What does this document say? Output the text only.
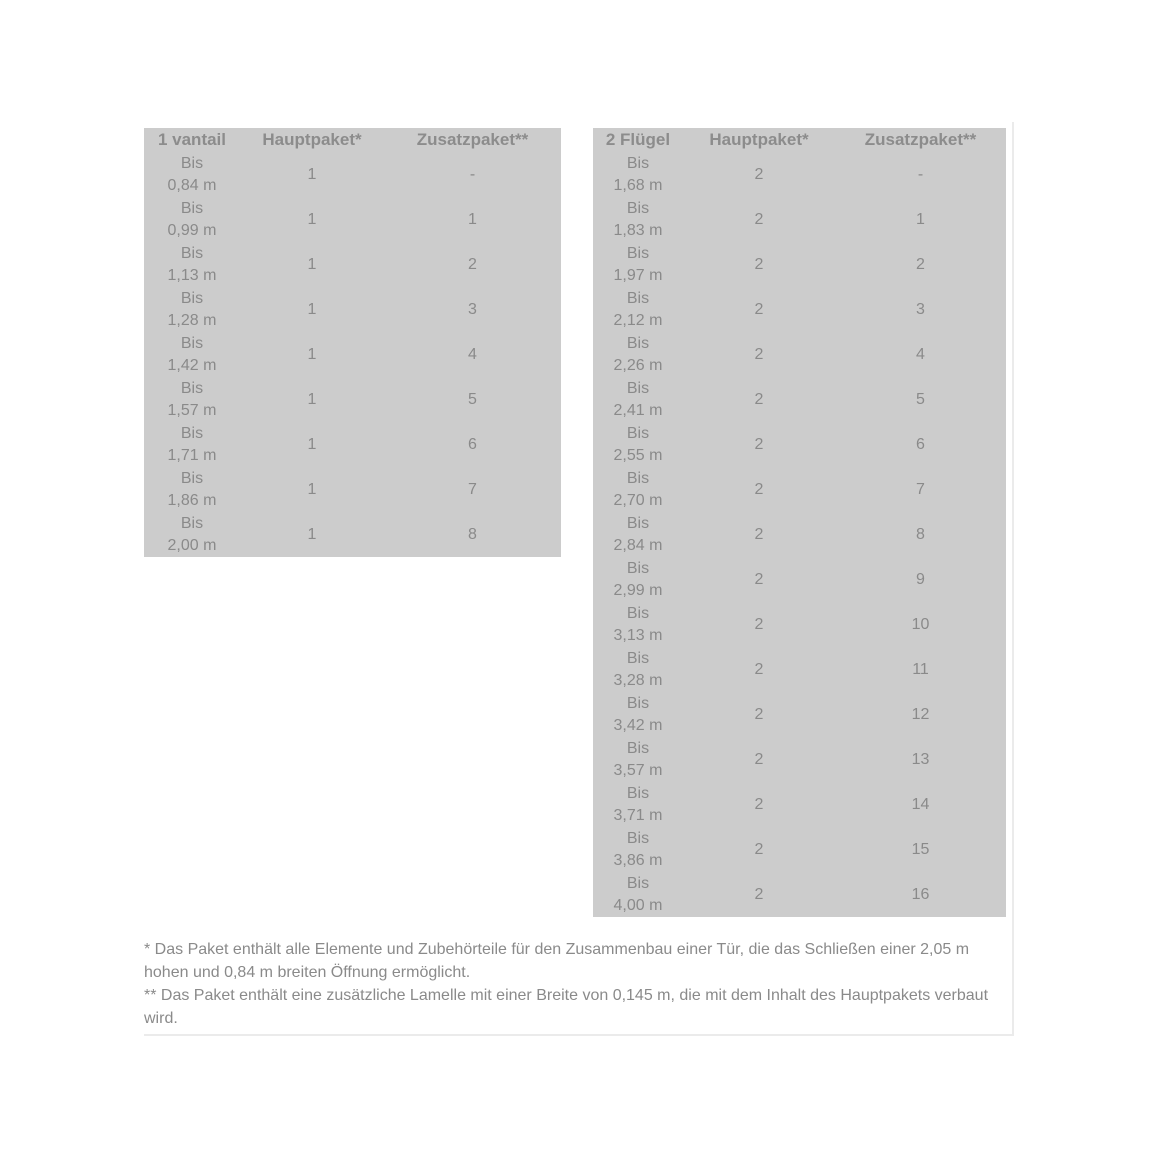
1 vantail	Hauptpaket*	Zusatzpaket**

Bis
0,84 m	1	-

Bis
0,99 m	1	1

Bis
1,13 m	1	2

Bis
1,28 m	1	3

Bis
1,42 m	1	4

Bis
1,57 m	1	5

Bis
1,71 m	1	6

Bis
1,86 m	1	7

Bis
2,00 m	1	8
2 Flügel	Hauptpaket*	Zusatzpaket**

Bis
1,68 m	2	-

Bis
1,83 m	2	1

Bis
1,97 m	2	2

Bis
2,12 m	2	3

Bis
2,26 m	2	4

Bis
2,41 m	2	5

Bis
2,55 m	2	6

Bis
2,70 m	2	7

Bis
2,84 m	2	8

Bis
2,99 m	2	9

Bis
3,13 m	2	10

Bis
3,28 m	2	11

Bis
3,42 m	2	12

Bis
3,57 m	2	13

Bis
3,71 m	2	14

Bis
3,86 m	2	15

Bis
4,00 m	2	16

* Das Paket enthält alle Elemente und Zubehörteile für den Zusammenbau einer Tür, die das Schließen einer 2,05 m hohen und 0,84 m breiten Öffnung ermöglicht.

** Das Paket enthält eine zusätzliche Lamelle mit einer Breite von 0,145 m, die mit dem Inhalt des Hauptpakets verbaut wird.
